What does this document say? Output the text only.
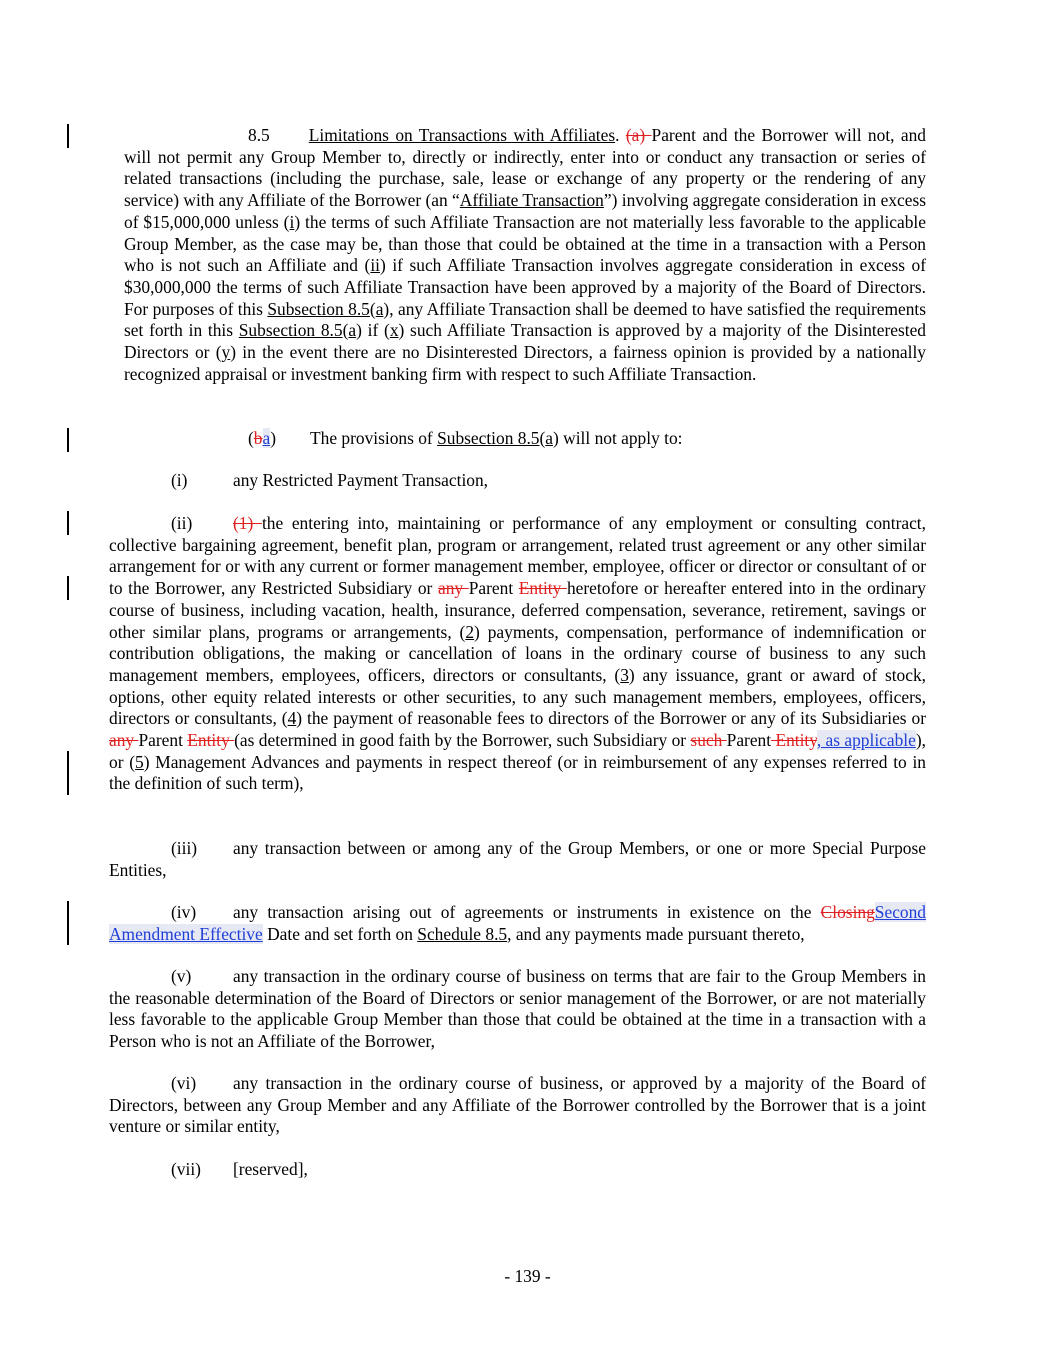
8.5 Limitations on Transactions with Affiliates. (a) Parent and the Borrower will not, and will not permit any Group Member to, directly or indirectly, enter into or conduct any transaction or series of related transactions (including the purchase, sale, lease or exchange of any property or the rendering of any service) with any Affiliate of the Borrower (an “Affiliate Transaction”) involving aggregate consideration in excess of $15,000,000 unless (i) the terms of such Affiliate Transaction are not materially less favorable to the applicable Group Member, as the case may be, than those that could be obtained at the time in a transaction with a Person who is not such an Affiliate and (ii) if such Affiliate Transaction involves aggregate consideration in excess of $30,000,000 the terms of such Affiliate Transaction have been approved by a majority of the Board of Directors. For purposes of this Subsection 8.5(a), any Affiliate Transaction shall be deemed to have satisfied the requirements set forth in this Subsection 8.5(a) if (x) such Affiliate Transaction is approved by a majority of the Disinterested Directors or (y) in the event there are no Disinterested Directors, a fairness opinion is provided by a nationally recognized appraisal or investment banking firm with respect to such Affiliate Transaction.
(ba) The provisions of Subsection 8.5(a) will not apply to:
(i)	any Restricted Payment Transaction,
(ii) (1) the entering into, maintaining or performance of any employment or consulting contract, collective bargaining agreement, benefit plan, program or arrangement, related trust agreement or any other similar arrangement for or with any current or former management member, employee, officer or director or consultant of or to the Borrower, any Restricted Subsidiary or any Parent Entity heretofore or hereafter entered into in the ordinary course of business, including vacation, health, insurance, deferred compensation, severance, retirement, savings or other similar plans, programs or arrangements, (2) payments, compensation, performance of indemnification or contribution obligations, the making or cancellation of loans in the ordinary course of business to any such management members, employees, officers, directors or consultants, (3) any issuance, grant or award of stock, options, other equity related interests or other securities, to any such management members, employees, officers, directors or consultants, (4) the payment of reasonable fees to directors of the Borrower or any of its Subsidiaries or any Parent Entity (as determined in good faith by the Borrower, such Subsidiary or such Parent Entity, as applicable), or (5) Management Advances and payments in respect thereof (or in reimbursement of any expenses referred to in the definition of such term),
(iii) any transaction between or among any of the Group Members, or one or more Special Purpose Entities,
(iv) any transaction arising out of agreements or instruments in existence on the ClosingSecond Amendment Effective Date and set forth on Schedule 8.5, and any payments made pursuant thereto,
(v) any transaction in the ordinary course of business on terms that are fair to the Group Members in the reasonable determination of the Board of Directors or senior management of the Borrower, or are not materially less favorable to the applicable Group Member than those that could be obtained at the time in a transaction with a Person who is not an Affiliate of the Borrower,
(vi) any transaction in the ordinary course of business, or approved by a majority of the Board of Directors, between any Group Member and any Affiliate of the Borrower controlled by the Borrower that is a joint venture or similar entity,
(vii) [reserved],
- 139 -
